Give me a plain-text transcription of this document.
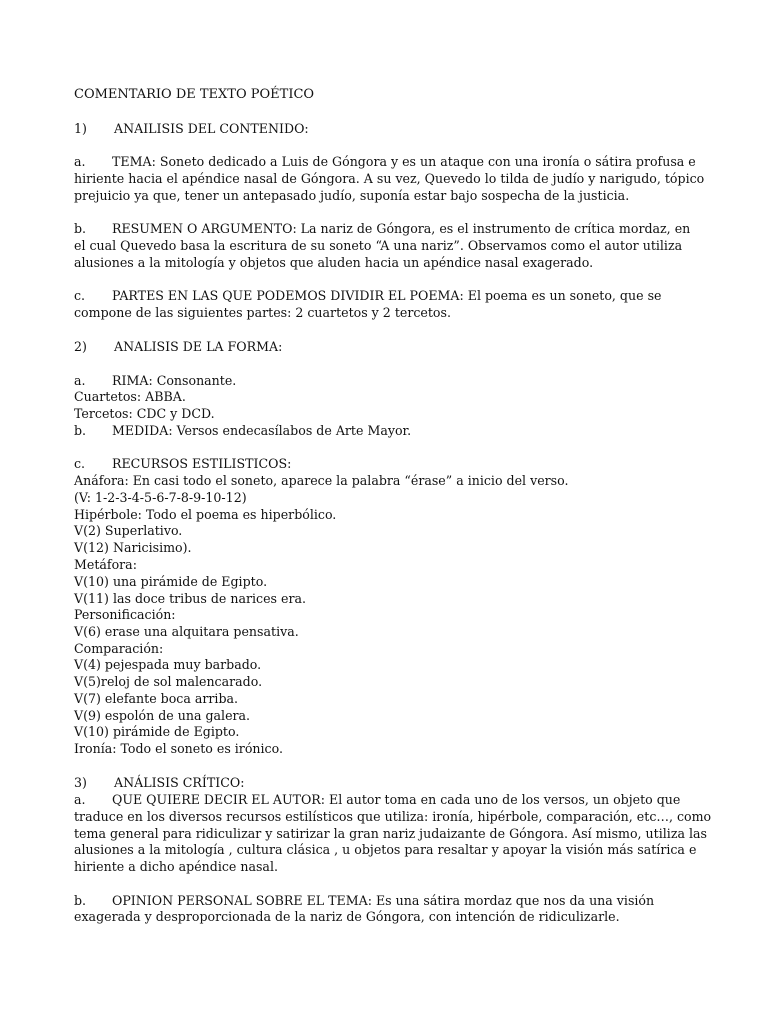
COMENTARIO DE TEXTO POÉTICO

1) ANAILISIS DEL CONTENIDO:

a. TEMA: Soneto dedicado a Luis de Góngora y es un ataque con una ironía o sátira profusa e

hiriente hacia el apéndice nasal de Góngora. A su vez, Quevedo lo tilda de judío y narigudo, tópico

prejuicio ya que, tener un antepasado judío, suponía estar bajo sospecha de la justicia.

b. RESUMEN O ARGUMENTO: La nariz de Góngora, es el instrumento de crítica mordaz, en

el cual Quevedo basa la escritura de su soneto “A una nariz”. Observamos como el autor utiliza

alusiones a la mitología y objetos que aluden hacia un apéndice nasal exagerado.

c. PARTES EN LAS QUE PODEMOS DIVIDIR EL POEMA: El poema es un soneto, que se

compone de las siguientes partes: 2 cuartetos y 2 tercetos.

2) ANALISIS DE LA FORMA:

a. RIMA: Consonante.

Cuartetos: ABBA.

Tercetos: CDC y DCD.

b. MEDIDA: Versos endecasílabos de Arte Mayor.

c. RECURSOS ESTILISTICOS:

Anáfora: En casi todo el soneto, aparece la palabra “érase” a inicio del verso.

(V: 1-2-3-4-5-6-7-8-9-10-12)

Hipérbole: Todo el poema es hiperbólico.

V(2) Superlativo.

V(12) Naricisimo).

Metáfora:

V(10) una pirámide de Egipto.

V(11) las doce tribus de narices era.

Personificación:

V(6) erase una alquitara pensativa.

Comparación:

V(4) pejespada muy barbado.

V(5)reloj de sol malencarado.

V(7) elefante boca arriba.

V(9) espolón de una galera.

V(10) pirámide de Egipto.

Ironía: Todo el soneto es irónico.

3) ANÁLISIS CRÍTICO:

a. QUE QUIERE DECIR EL AUTOR: El autor toma en cada uno de los versos, un objeto que

traduce en los diversos recursos estilísticos que utiliza: ironía, hipérbole, comparación, etc…, como

tema general para ridiculizar y satirizar la gran nariz judaizante de Góngora. Así mismo, utiliza las

alusiones a la mitología , cultura clásica , u objetos para resaltar y apoyar la visión más satírica e

hiriente a dicho apéndice nasal.

b. OPINION PERSONAL SOBRE EL TEMA: Es una sátira mordaz que nos da una visión

exagerada y desproporcionada de la nariz de Góngora, con intención de ridiculizarle.
